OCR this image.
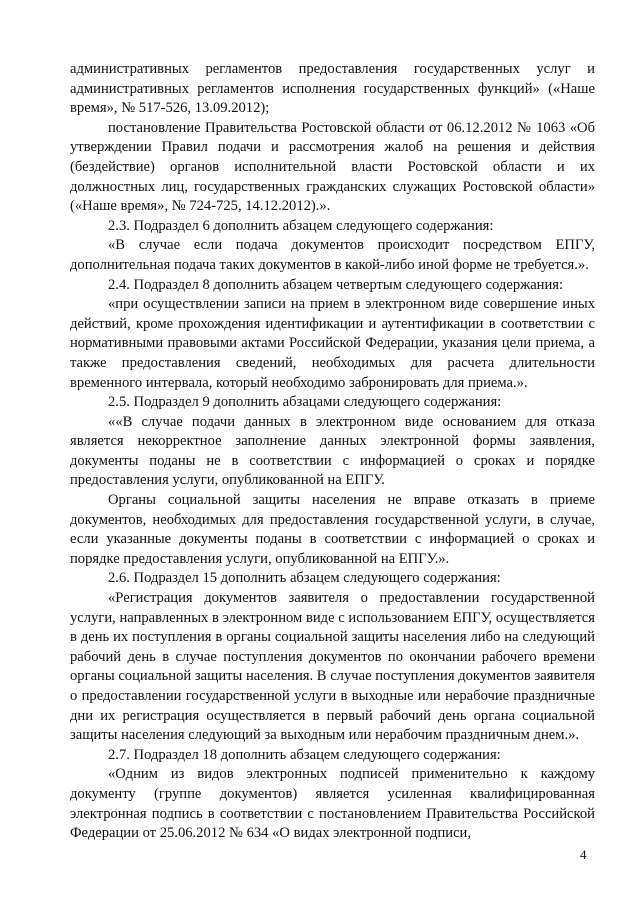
административных регламентов предоставления государственных услуг и административных регламентов исполнения государственных функций» («Наше время», № 517-526, 13.09.2012);

постановление Правительства Ростовской области от 06.12.2012 № 1063 «Об утверждении Правил подачи и рассмотрения жалоб на решения и действия (бездействие) органов исполнительной власти Ростовской области и их должностных лиц, государственных гражданских служащих Ростовской области» («Наше время», № 724-725, 14.12.2012).».

2.3. Подраздел 6 дополнить абзацем следующего содержания:

«В случае если подача документов происходит посредством ЕПГУ, дополнительная подача таких документов в какой-либо иной форме не требуется.».

2.4. Подраздел 8 дополнить абзацем четвертым следующего содержания:

«при осуществлении записи на прием в электронном виде совершение иных действий, кроме прохождения идентификации и аутентификации в соответствии с нормативными правовыми актами Российской Федерации, указания цели приема, а также предоставления сведений, необходимых для расчета длительности временного интервала, который необходимо забронировать для приема.».

2.5. Подраздел 9 дополнить абзацами следующего содержания:

««В случае подачи данных в электронном виде основанием для отказа является некорректное заполнение данных электронной формы заявления, документы поданы не в соответствии с информацией о сроках и порядке предоставления услуги, опубликованной на ЕПГУ.

Органы социальной защиты населения не вправе отказать в приеме документов, необходимых для предоставления государственной услуги, в случае, если указанные документы поданы в соответствии с информацией о сроках и порядке предоставления услуги, опубликованной на ЕПГУ.».

2.6. Подраздел 15 дополнить абзацем следующего содержания:

«Регистрация документов заявителя о предоставлении государственной услуги, направленных в электронном виде с использованием ЕПГУ, осуществляется в день их поступления в органы социальной защиты населения либо на следующий рабочий день в случае поступления документов по окончании рабочего времени органы социальной защиты населения. В случае поступления документов заявителя о предоставлении государственной услуги в выходные или нерабочие праздничные дни их регистрация осуществляется в первый рабочий день органа социальной защиты населения следующий за выходным или нерабочим праздничным днем.».

2.7. Подраздел 18 дополнить абзацем следующего содержания:

«Одним из видов электронных подписей применительно к каждому документу (группе документов) является усиленная квалифицированная электронная подпись в соответствии с постановлением Правительства Российской Федерации от 25.06.2012 № 634 «О видах электронной подписи,

4
